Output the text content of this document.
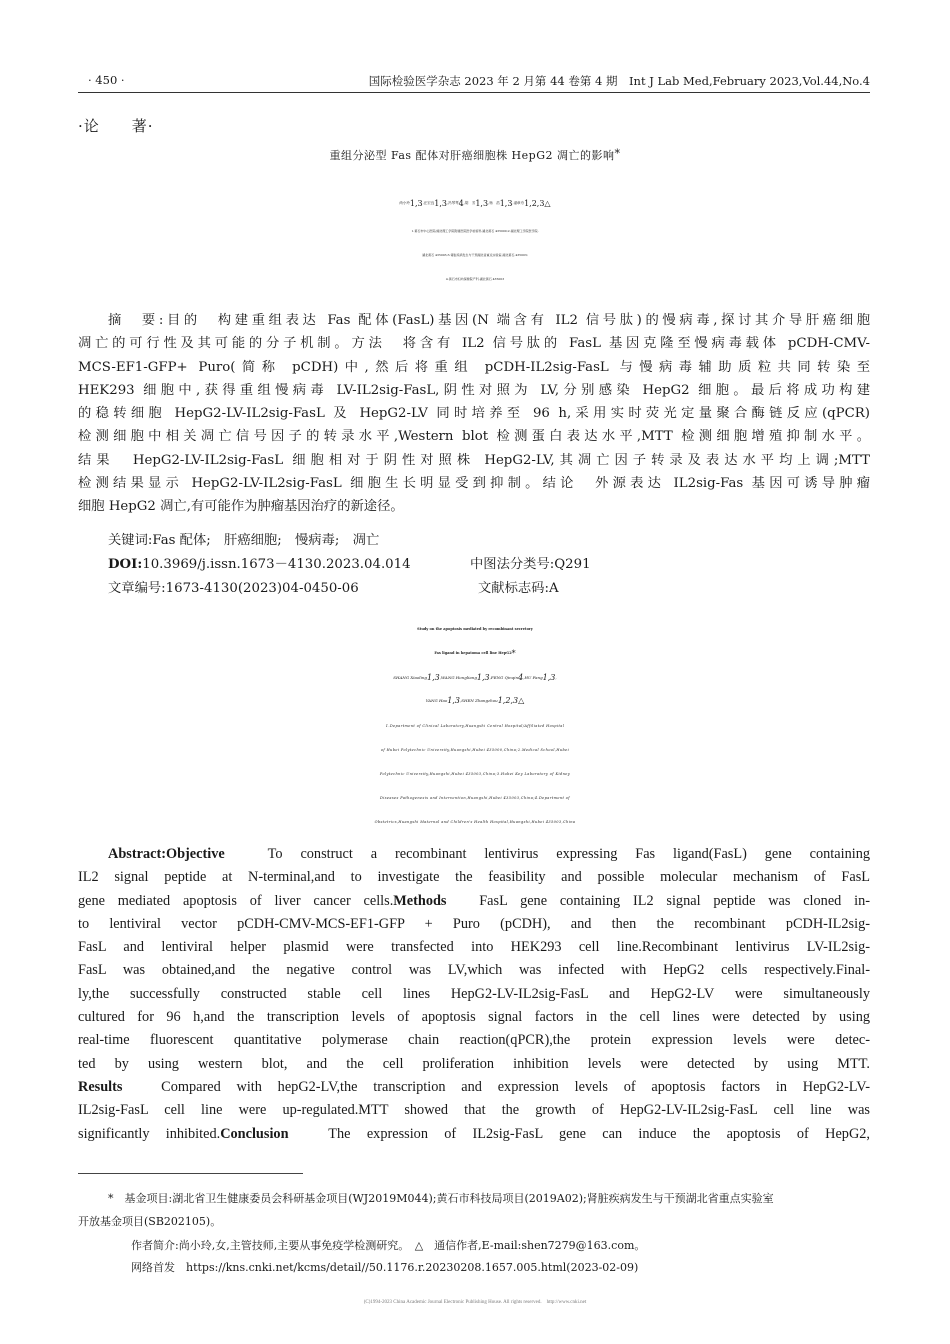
· 450 ·	国际检验医学杂志 2023 年 2 月第 44 卷第 4 期　Int J Lab Med,February 2023,Vol.44,No.4
·论　　著·
重组分泌型 Fas 配体对肝癌细胞株 HepG2 凋亡的影响*
尚小玲$^{1,3}$,汪宏良$^{1,3}$,冯琴琴$^4$,胡　芳$^{1,3}$,杨　浩$^{1,3}$,谌章舟$^{1,2,3\triangle}$
1.黄石市中心医院/湖北理工学院附属医院医学检验科,湖北黄石 435000;2.湖北理工学院医学院,
湖北黄石 435003;3.肾脏疾病发生与干预湖北省重点实验室,湖北黄石,435003;
4.黄石市妇幼保健院产科,湖北黄石 435003
摘　要:目的　构建重组表达 Fas 配体(FasL)基因(N 端含有 IL2 信号肽)的慢病毒,探讨其介导肝癌细胞
凋亡的可行性及其可能的分子机制。方法　将含有 IL2 信号肽的 FasL 基因克隆至慢病毒载体 pCDH-CMV-
MCS-EF1-GFP+ Puro(简称 pCDH)中,然后将重组 pCDH-IL2sig-FasL 与慢病毒辅助质粒共同转染至
HEK293 细胞中,获得重组慢病毒 LV-IL2sig-FasL,阴性对照为 LV,分别感染 HepG2 细胞。最后将成功构建
的稳转细胞 HepG2-LV-IL2sig-FasL 及 HepG2-LV 同时培养至 96 h,采用实时荧光定量聚合酶链反应(qPCR)
检测细胞中相关凋亡信号因子的转录水平,Western blot 检测蛋白表达水平,MTT 检测细胞增殖抑制水平。
结果　HepG2-LV-IL2sig-FasL 细胞相对于阴性对照株 HepG2-LV,其凋亡因子转录及表达水平均上调;MTT
检测结果显示 HepG2-LV-IL2sig-FasL 细胞生长明显受到抑制。结论　外源表达 IL2sig-Fas 基因可诱导肿瘤
细胞 HepG2 凋亡,有可能作为肿瘤基因治疗的新途径。
关键词:Fas 配体;　肝癌细胞;　慢病毒;　凋亡
DOI:10.3969/j.issn.1673－4130.2023.04.014	中图法分类号:Q291
文章编号:1673-4130(2023)04-0450-06	文献标志码:A
Study on the apoptosis mediated by recombinant secretory
Fas ligand in hepatoma cell line HepG2*
SHANG Xiaoling$^{1,3}$,WANG Hongliang$^{1,3}$,FENG Qinqin$^4$,HU Fang$^{1,3}$,
YANG Hao$^{1,3}$,SHEN Zhangzhou$^{1,2,3\triangle}$
1.Department of Clinical Laboratory,Huangshi Central Hospital/Affiliated Hospital
of Hubei Polytechnic University,Huangshi,Hubei 435000,China;2.Medical School,Hubei
Polytechnic University,Huangshi,Hubei 435003,China;3.Hubei Key Laboratory of Kidney
Diseases Pathogenesis and Intervention,Huangshi,Hubei 435003,China;4.Department of
Obstetrics,Huangshi Maternal and Children's Health Hospital,Huangshi,Hubei 435003,China
Abstract:Objective　To construct a recombinant lentivirus expressing Fas ligand(FasL) gene containing
IL2 signal peptide at N-terminal,and to investigate the feasibility and possible molecular mechanism of FasL
gene mediated apoptosis of liver cancer cells.Methods　FasL gene containing IL2 signal peptide was cloned in-
to lentiviral vector pCDH-CMV-MCS-EF1-GFP + Puro (pCDH), and then the recombinant pCDH-IL2sig-
FasL and lentiviral helper plasmid were transfected into HEK293 cell line.Recombinant lentivirus LV-IL2sig-
FasL was obtained,and the negative control was LV,which was infected with HepG2 cells respectively.Final-
ly,the successfully constructed stable cell lines HepG2-LV-IL2sig-FasL and HepG2-LV were simultaneously
cultured for 96 h,and the transcription levels of apoptosis signal factors in the cell lines were detected by using
real-time fluorescent quantitative polymerase chain reaction(qPCR),the protein expression levels were detec-
ted by using western blot, and the cell proliferation inhibition levels were detected by using MTT.
Results　Compared with hepG2-LV,the transcription and expression levels of apoptosis factors in HepG2-LV-
IL2sig-FasL cell line were up-regulated.MTT showed that the growth of HepG2-LV-IL2sig-FasL cell line was
significantly inhibited.Conclusion　The expression of IL2sig-FasL gene can induce the apoptosis of HepG2,
*　 基金项目:湖北省卫生健康委员会科研基金项目(WJ2019M044);黄石市科技局项目(2019A02);肾脏疾病发生与干预湖北省重点实验室
开放基金项目(SB202105)。
作者简介:尚小玲,女,主管技师,主要从事免疫学检测研究。　 △　 通信作者,E-mail:shen7279@163.com。
网络首发　https://kns.cnki.net/kcms/detail//50.1176.r.20230208.1657.005.html(2023-02-09)
(C)1994-2023 China Academic Journal Electronic Publishing House. All rights reserved.　http://www.cnki.net
